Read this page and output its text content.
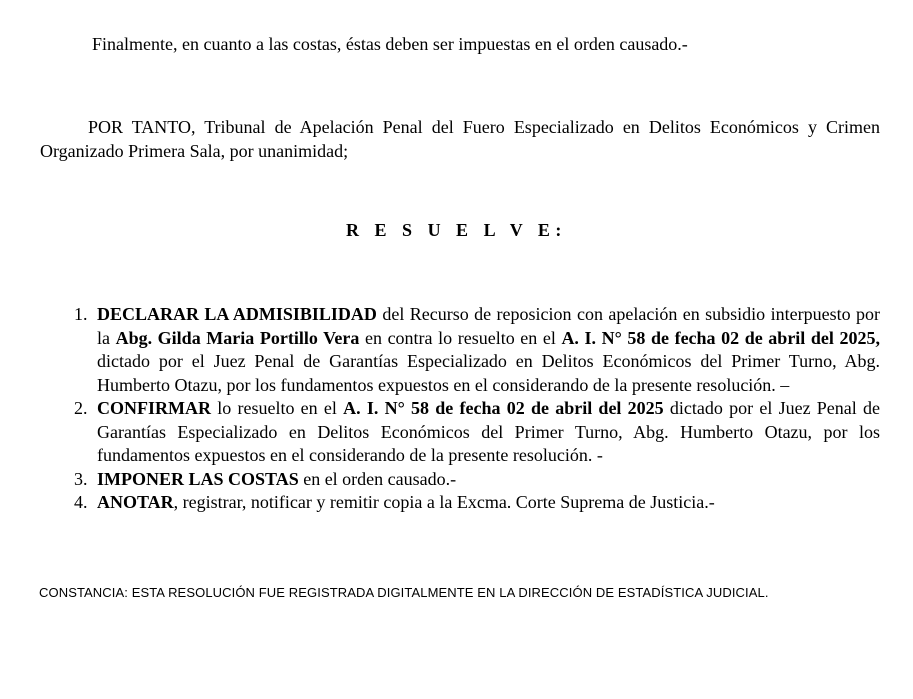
Finalmente, en cuanto a las costas, éstas deben ser impuestas en el orden causado.-

POR TANTO, Tribunal de Apelación Penal del Fuero Especializado en Delitos Económicos y Crimen Organizado Primera Sala, por unanimidad;

R E S U E L V E:

1. DECLARAR LA ADMISIBILIDAD del Recurso de reposicion con apelación en subsidio interpuesto por la Abg. Gilda Maria Portillo Vera en contra lo resuelto en el A. I. N° 58 de fecha 02 de abril del 2025, dictado por el Juez Penal de Garantías Especializado en Delitos Económicos del Primer Turno, Abg. Humberto Otazu, por los fundamentos expuestos en el considerando de la presente resolución. –
2. CONFIRMAR lo resuelto en el A. I. N° 58 de fecha 02 de abril del 2025 dictado por el Juez Penal de Garantías Especializado en Delitos Económicos del Primer Turno, Abg. Humberto Otazu, por los fundamentos expuestos en el considerando de la presente resolución. -
3. IMPONER LAS COSTAS en el orden causado.-
4. ANOTAR, registrar, notificar y remitir copia a la Excma. Corte Suprema de Justicia.-

CONSTANCIA: ESTA RESOLUCIÓN FUE REGISTRADA DIGITALMENTE EN LA DIRECCIÓN DE ESTADÍSTICA JUDICIAL.
